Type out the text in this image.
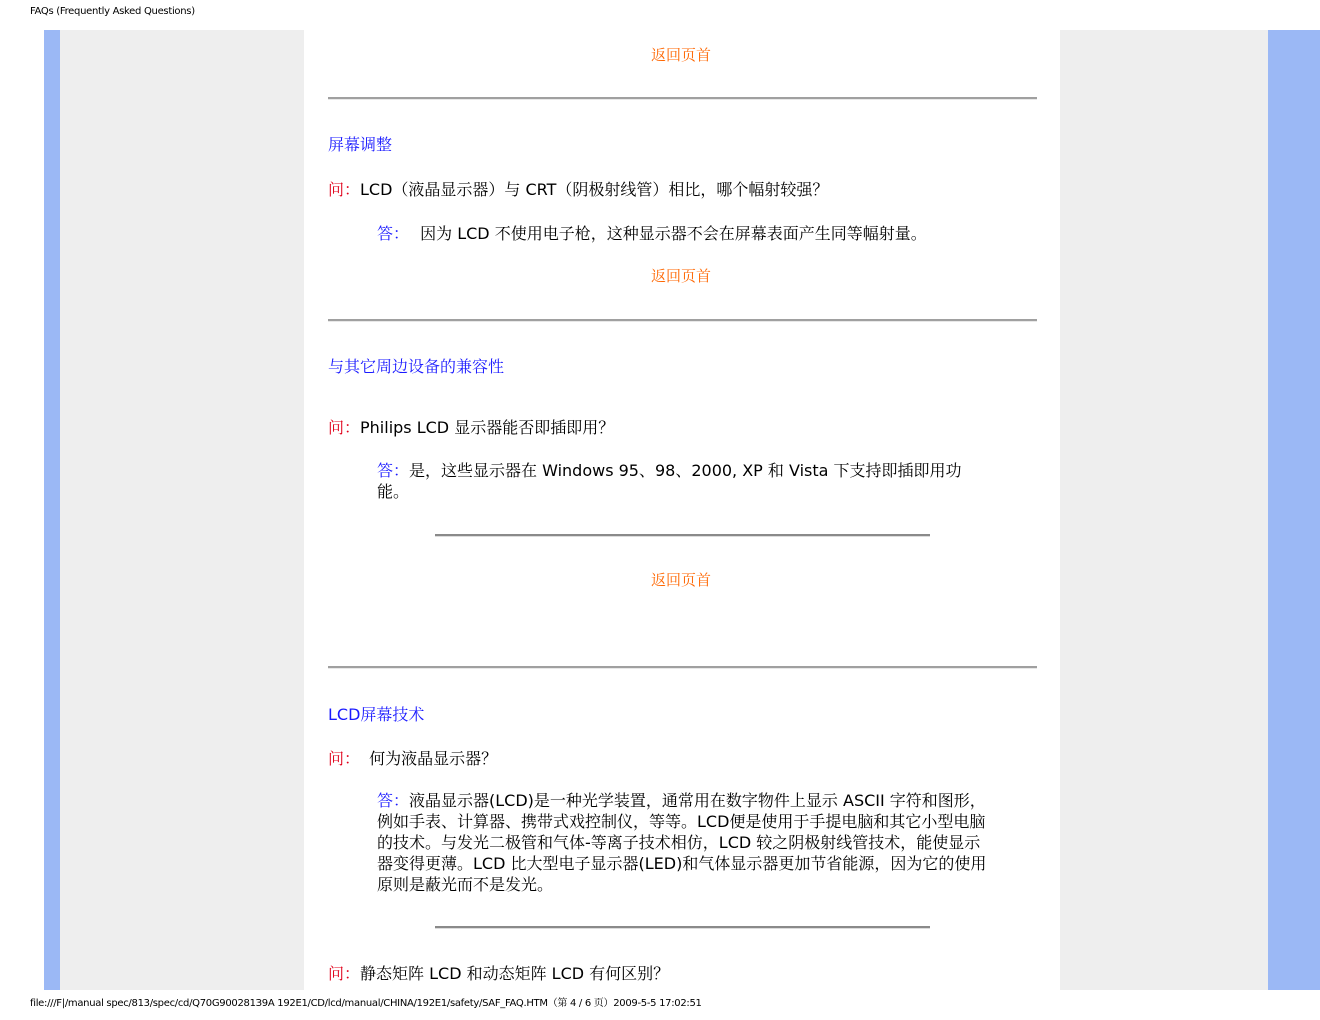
FAQs (Frequently Asked Questions)
返回页首
屏幕调整
问：LCD（液晶显示器）与 CRT（阴极射线管）相比，哪个幅射较强？
答： 因为 LCD 不使用电子枪，这种显示器不会在屏幕表面产生同等幅射量。
返回页首
与其它周边设备的兼容性
问：Philips LCD 显示器能否即插即用？
答：是，这些显示器在 Windows 95、98、2000, XP 和 Vista 下支持即插即用功能。
返回页首
LCD屏幕技术
问： 何为液晶显示器？
答：液晶显示器(LCD)是一种光学装置，通常用在数字物件上显示 ASCII 字符和图形，例如手表、计算器、携带式戏控制仪，等等。LCD便是使用于手提电脑和其它小型电脑的技术。与发光二极管和气体-等离子技术相仿，LCD 较之阴极射线管技术，能使显示器变得更薄。LCD 比大型电子显示器(LED)和气体显示器更加节省能源，因为它的使用原则是蔽光而不是发光。
问：静态矩阵 LCD 和动态矩阵 LCD 有何区别？
file:///F|/manual spec/813/spec/cd/Q70G900281З9A 192E1/CD/lcd/manual/CHINA/192E1/safety/SAF_FAQ.HTM（第 4 / 6 页）2009-5-5 17:02:51
